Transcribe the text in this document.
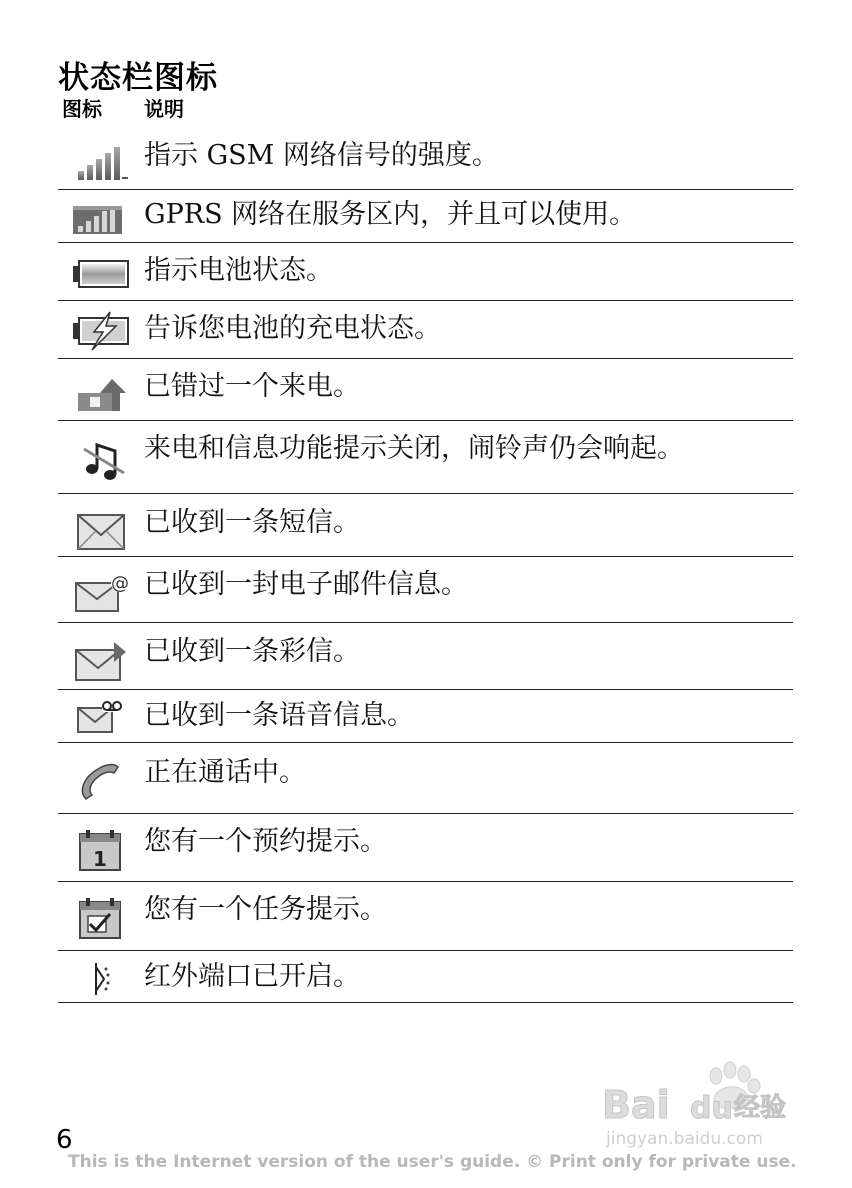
状态栏图标
图标 说明
指示 GSM 网络信号的强度。
GPRS 网络在服务区内，并且可以使用。
指示电池状态。
告诉您电池的充电状态。
已错过一个来电。
来电和信息功能提示关闭，闹铃声仍会响起。
已收到一条短信。
@ 已收到一封电子邮件信息。
已收到一条彩信。
已收到一条语音信息。
正在通话中。
1
您有一个预约提示。
您有一个任务提示。
红外端口已开启。
6
This is the Internet version of the user's guide. © Print only for private use.
Bai du 经验
jingyan.baidu.com
